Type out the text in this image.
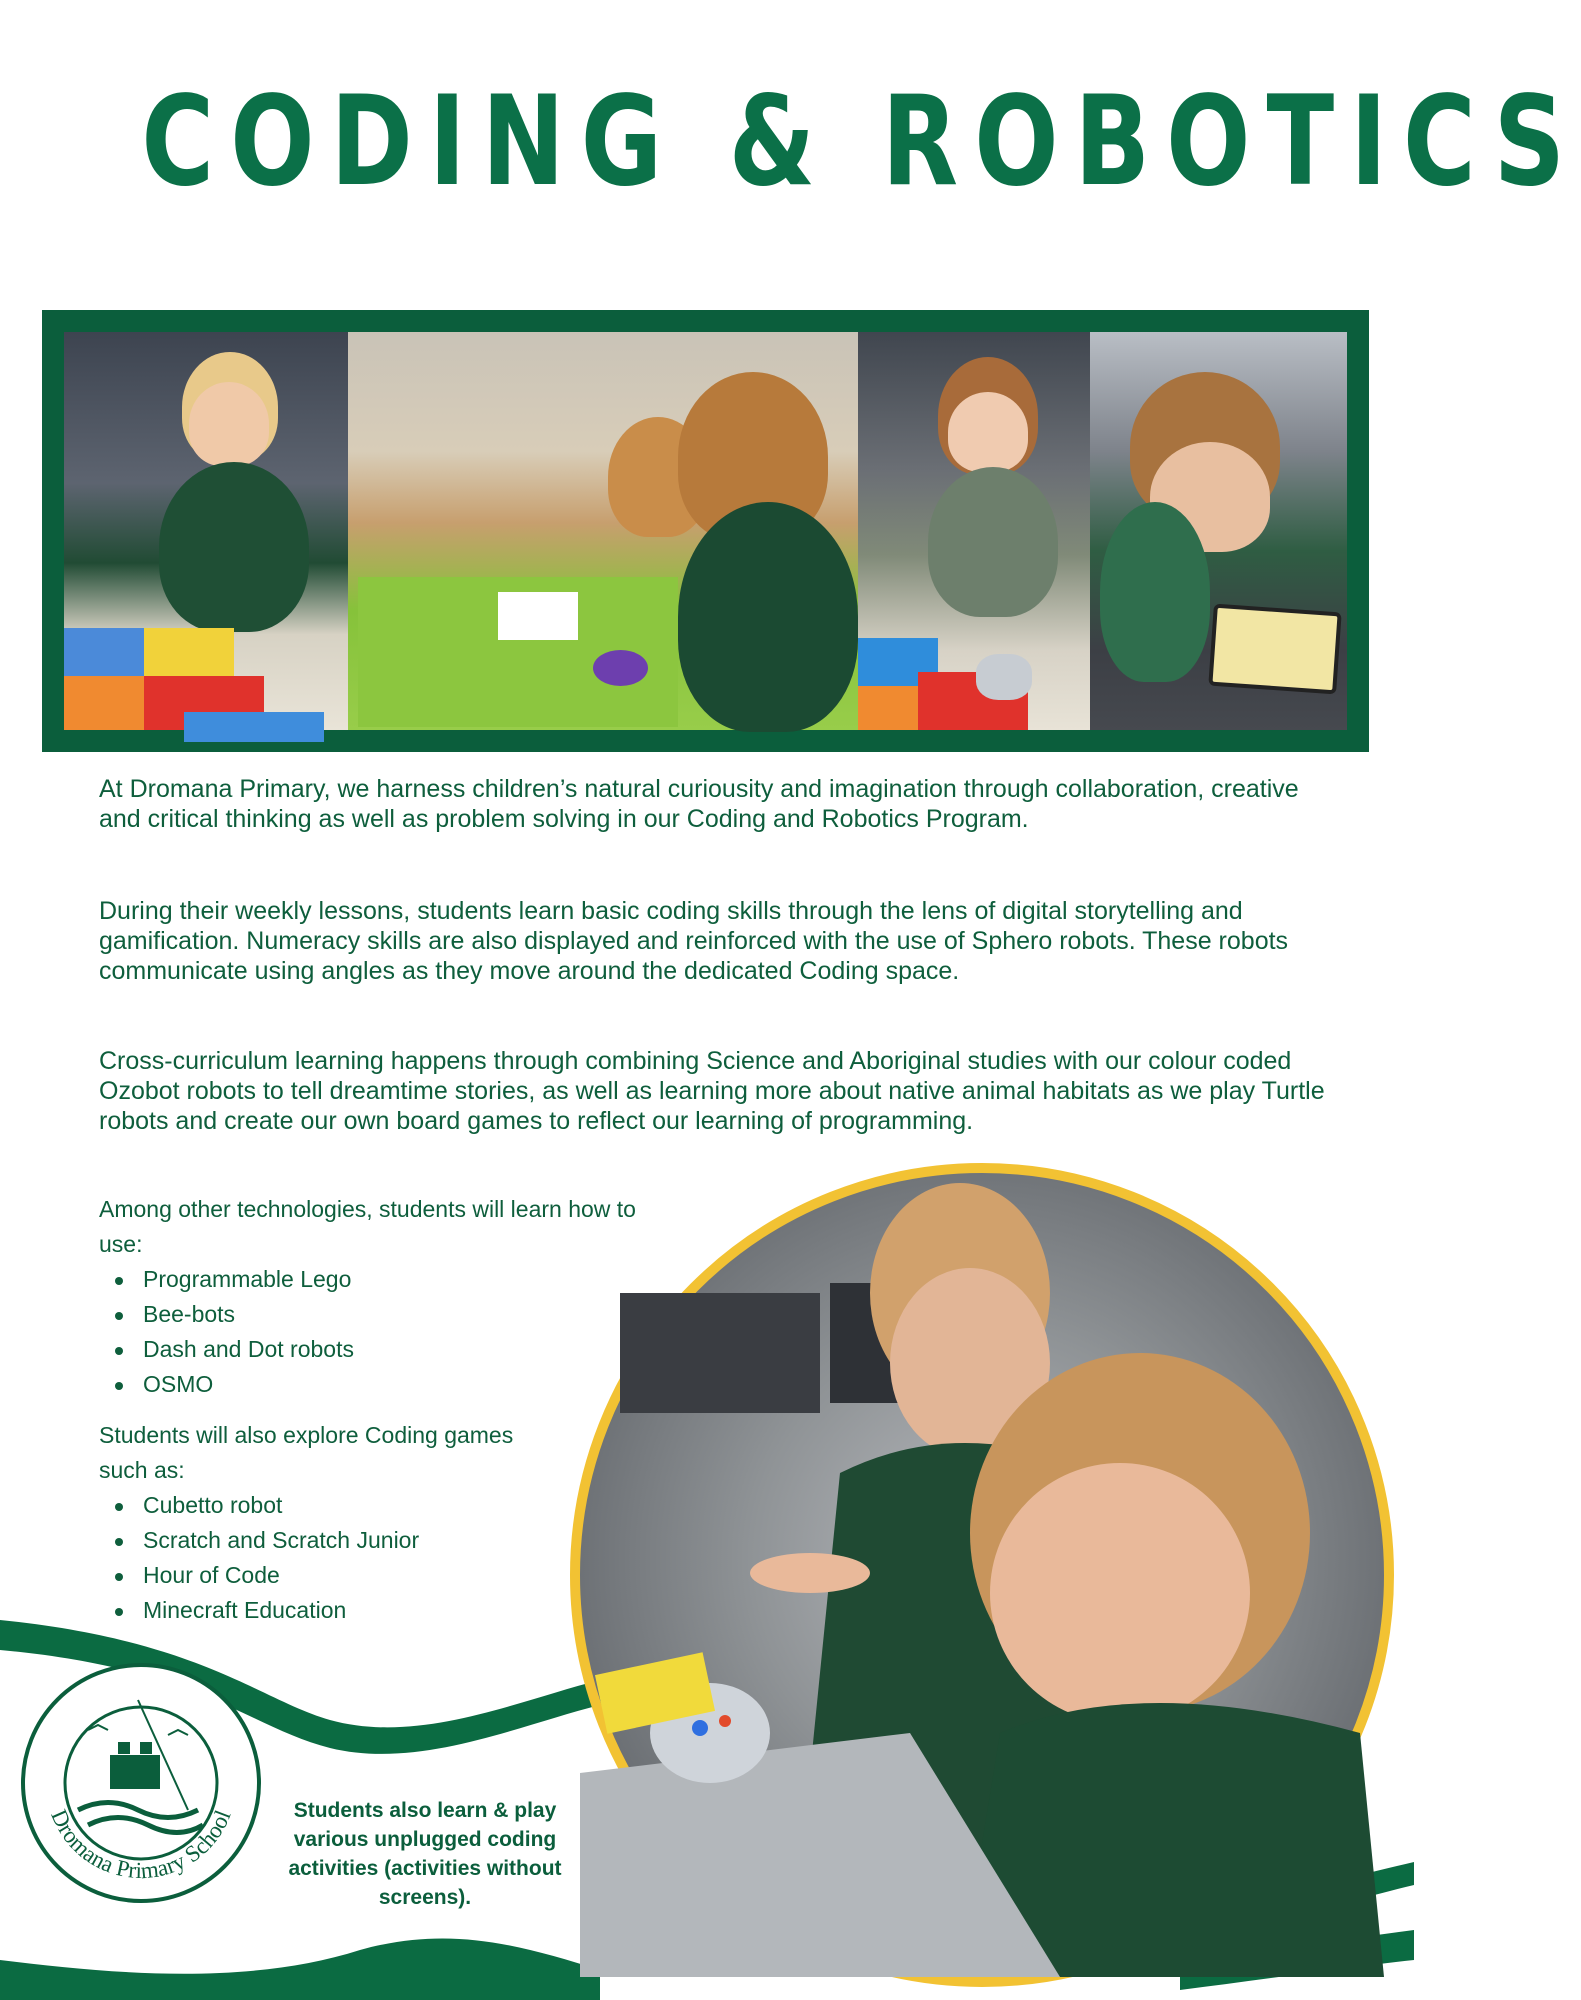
CODING & ROBOTICS
At Dromana Primary, we harness children’s natural curiousity and imagination through collaboration, creative and critical thinking as well as problem solving in our Coding and Robotics Program.
During their weekly lessons, students learn basic coding skills through the lens of digital storytelling and gamification. Numeracy skills are also displayed and reinforced with the use of Sphero robots. These robots communicate using angles as they move around the dedicated Coding space.
Cross-curriculum learning happens through combining Science and Aboriginal studies with our colour coded Ozobot robots to tell dreamtime stories, as well as learning more about native animal habitats as we play Turtle robots and create our own board games to reflect our learning of programming.
Among other technologies, students will learn how to use:
Programmable Lego
Bee-bots
Dash and Dot robots
OSMO
Students will also explore Coding games such as:
Cubetto robot
Scratch and Scratch Junior
Hour of Code
Minecraft Education
Dromana Primary School	Students also learn & play various unplugged coding activities (activities without screens).
